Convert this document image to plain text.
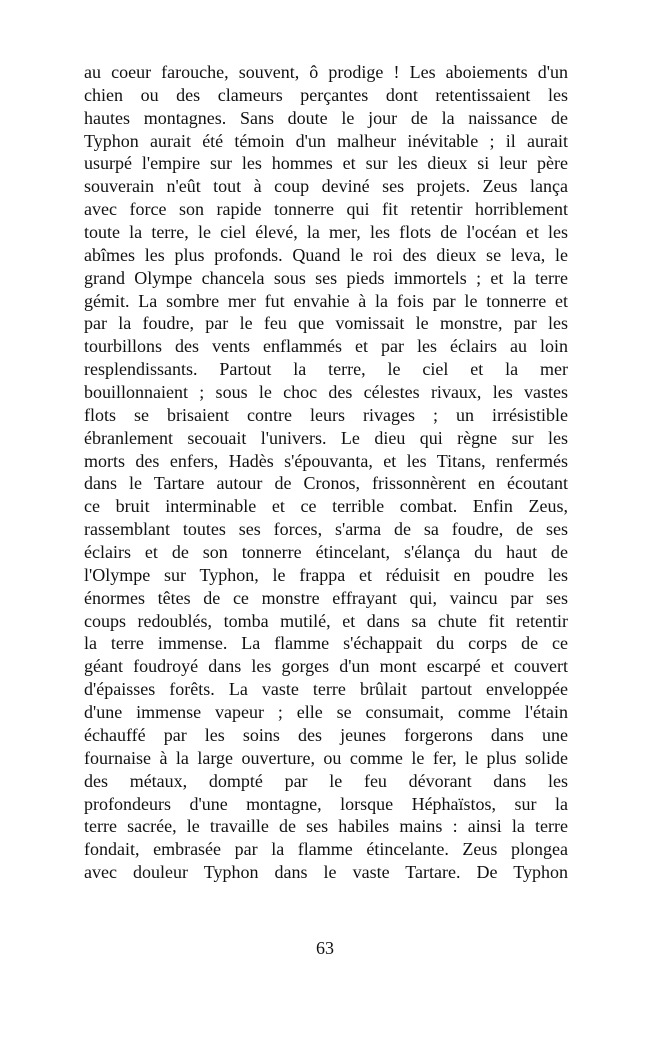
au coeur farouche, souvent, ô prodige ! Les aboiements d'un
chien ou des clameurs perçantes dont retentissaient les
hautes montagnes. Sans doute le jour de la naissance de
Typhon aurait été témoin d'un malheur inévitable ; il aurait
usurpé l'empire sur les hommes et sur les dieux si leur père
souverain n'eût tout à coup deviné ses projets. Zeus lança
avec force son rapide tonnerre qui fit retentir horriblement
toute la terre, le ciel élevé, la mer, les flots de l'océan et les
abîmes les plus profonds. Quand le roi des dieux se leva, le
grand Olympe chancela sous ses pieds immortels ; et la terre
gémit. La sombre mer fut envahie à la fois par le tonnerre et
par la foudre, par le feu que vomissait le monstre, par les
tourbillons des vents enflammés et par les éclairs au loin
resplendissants. Partout la terre, le ciel et la mer
bouillonnaient ; sous le choc des célestes rivaux, les vastes
flots se brisaient contre leurs rivages ; un irrésistible
ébranlement secouait l'univers. Le dieu qui règne sur les
morts des enfers, Hadès s'épouvanta, et les Titans, renfermés
dans le Tartare autour de Cronos, frissonnèrent en écoutant
ce bruit interminable et ce terrible combat. Enfin Zeus,
rassemblant toutes ses forces, s'arma de sa foudre, de ses
éclairs et de son tonnerre étincelant, s'élança du haut de
l'Olympe sur Typhon, le frappa et réduisit en poudre les
énormes têtes de ce monstre effrayant qui, vaincu par ses
coups redoublés, tomba mutilé, et dans sa chute fit retentir
la terre immense. La flamme s'échappait du corps de ce
géant foudroyé dans les gorges d'un mont escarpé et couvert
d'épaisses forêts. La vaste terre brûlait partout enveloppée
d'une immense vapeur ; elle se consumait, comme l'étain
échauffé par les soins des jeunes forgerons dans une
fournaise à la large ouverture, ou comme le fer, le plus solide
des métaux, dompté par le feu dévorant dans les
profondeurs d'une montagne, lorsque Héphaïstos, sur la
terre sacrée, le travaille de ses habiles mains : ainsi la terre
fondait, embrasée par la flamme étincelante. Zeus plongea
avec douleur Typhon dans le vaste Tartare. De Typhon
63
